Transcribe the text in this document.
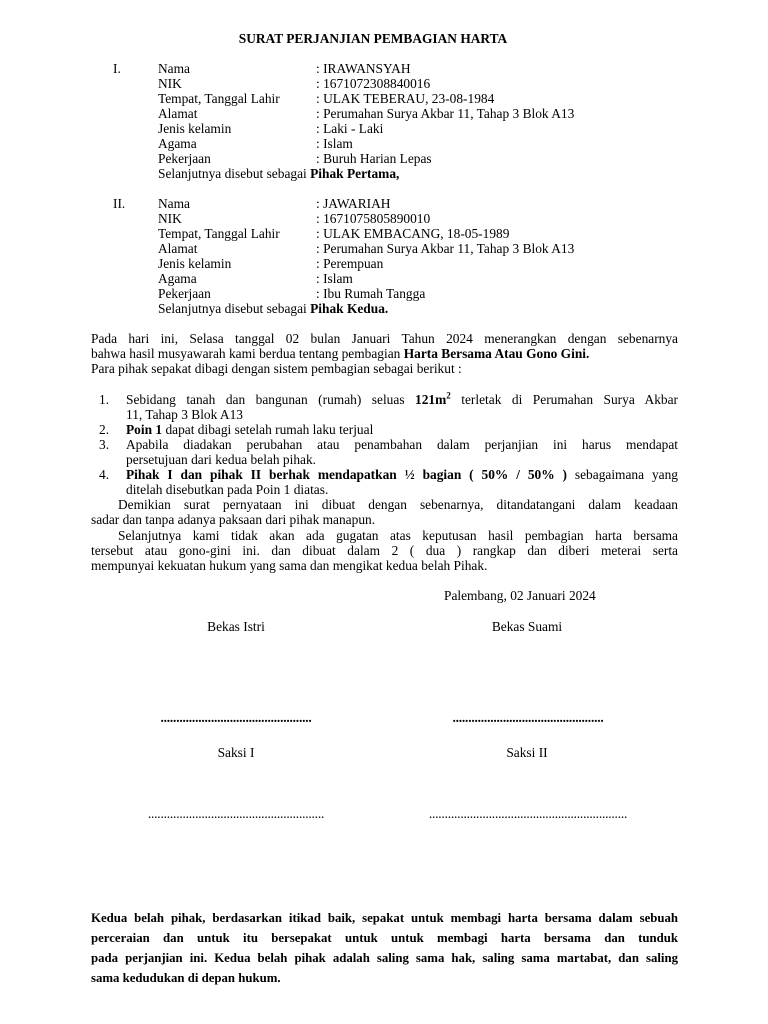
SURAT PERJANJIAN PEMBAGIAN HARTA
I.	Nama	: IRAWANSYAH
NIK	: 1671072308840016
Tempat, Tanggal Lahir	: ULAK TEBERAU, 23-08-1984
Alamat	: Perumahan Surya Akbar 11, Tahap 3 Blok A13
Jenis kelamin	: Laki - Laki
Agama	: Islam
Pekerjaan	: Buruh Harian Lepas
Selanjutnya disebut sebagai Pihak Pertama,
II. Nama	: JAWARIAH
NIK	: 1671075805890010
Tempat, Tanggal Lahir	: ULAK EMBACANG, 18-05-1989
Alamat	: Perumahan Surya Akbar 11, Tahap 3 Blok A13
Jenis kelamin	: Perempuan
Agama	: Islam
Pekerjaan	: Ibu Rumah Tangga
Selanjutnya disebut sebagai Pihak Kedua.
Pada hari ini, Selasa tanggal 02 bulan Januari Tahun 2024 menerangkan dengan sebenarnya
bahwa hasil musyawarah kami berdua tentang pembagian Harta Bersama Atau Gono Gini.
Para pihak sepakat dibagi dengan sistem pembagian sebagai berikut :
1. Sebidang tanah dan bangunan (rumah) seluas $121m^2$ terletak di Perumahan Surya Akbar
11, Tahap 3 Blok A13
2. Poin 1 dapat dibagi setelah rumah laku terjual
3. Apabila diadakan perubahan atau penambahan dalam perjanjian ini harus mendapat
persetujuan dari kedua belah pihak.
4. Pihak I dan pihak II berhak mendapatkan ½ bagian ( 50% / 50% ) sebagaimana yang
ditelah disebutkan pada Poin 1 diatas.
Demikian surat pernyataan ini dibuat dengan sebenarnya, ditandatangani dalam keadaan
sadar dan tanpa adanya paksaan dari pihak manapun.
Selanjutnya kami tidak akan ada gugatan atas keputusan hasil pembagian harta bersama
tersebut atau gono-gini ini. dan dibuat dalam 2 ( dua ) rangkap dan diberi meterai serta
mempunyai kekuatan hukum yang sama dan mengikat kedua belah Pihak.
Palembang, 02 Januari 2024
Bekas Istri	Bekas Suami
................................................	................................................
Saksi I	Saksi II
........................................................	...............................................................
Kedua belah pihak, berdasarkan itikad baik, sepakat untuk membagi harta bersama dalam sebuah
perceraian dan untuk itu bersepakat untuk untuk membagi harta bersama dan tunduk
pada perjanjian ini. Kedua belah pihak adalah saling sama hak, saling sama martabat, dan saling
sama kedudukan di depan hukum.
